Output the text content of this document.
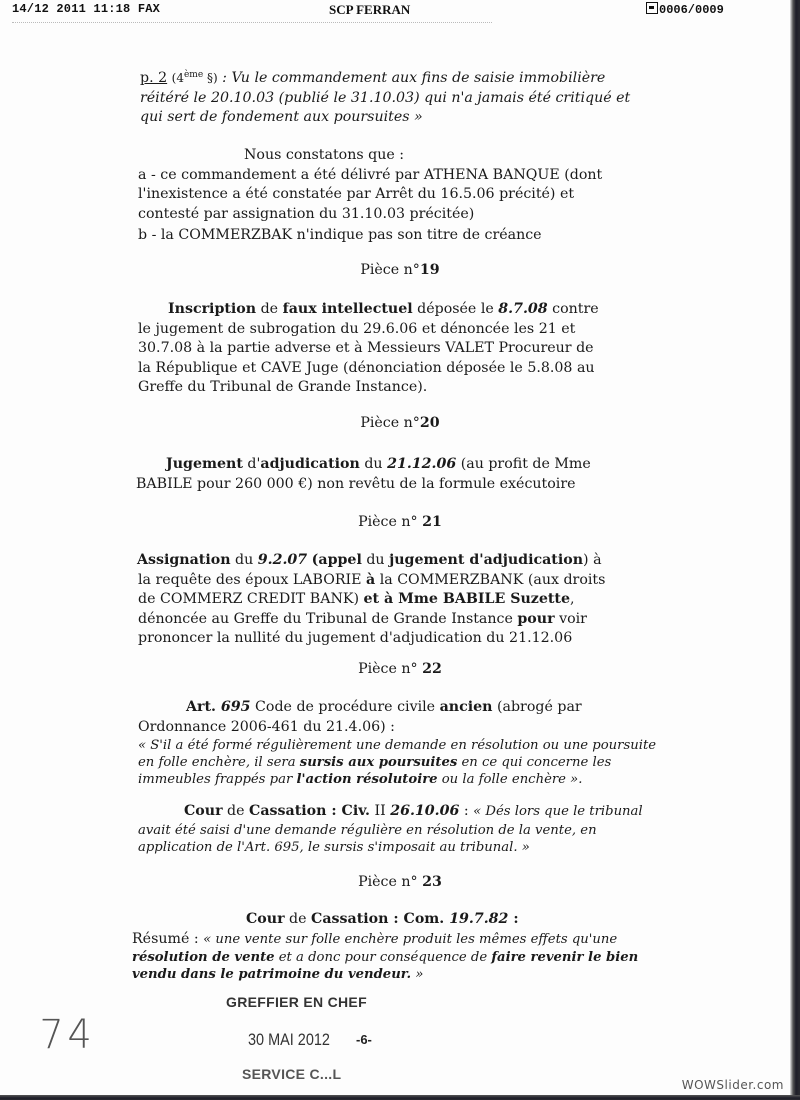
14/12 2011 11:18 FAX	SCP FERRAN	0006/0009
p. 2 (4ème §) : Vu le commandement aux fins de saisie immobilière
réitéré le 20.10.03 (publié le 31.10.03) qui n'a jamais été critiqué et
qui sert de fondement aux poursuites »
Nous constatons que :
a - ce commandement a été délivré par ATHENA BANQUE (dont
l'inexistence a été constatée par Arrêt du 16.5.06 précité) et
contesté par assignation du 31.10.03 précitée)
b - la COMMERZBAK n'indique pas son titre de créance
Pièce n°19
Inscription de faux intellectuel déposée le 8.7.08 contre
le jugement de subrogation du 29.6.06 et dénoncée les 21 et
30.7.08 à la partie adverse et à Messieurs VALET Procureur de
la République et CAVE Juge (dénonciation déposée le 5.8.08 au
Greffe du Tribunal de Grande Instance).
Pièce n°20
Jugement d'adjudication du 21.12.06 (au profit de Mme
BABILE pour 260 000 €) non revêtu de la formule exécutoire
Pièce n° 21
Assignation du 9.2.07 (appel du jugement d'adjudication) à
la requête des époux LABORIE à la COMMERZBANK (aux droits
de COMMERZ CREDIT BANK) et à Mme BABILE Suzette,
dénoncée au Greffe du Tribunal de Grande Instance pour voir
prononcer la nullité du jugement d'adjudication du 21.12.06
Pièce n° 22
Art. 695 Code de procédure civile ancien (abrogé par
Ordonnance 2006-461 du 21.4.06) :
« S'il a été formé régulièrement une demande en résolution ou une poursuite
en folle enchère, il sera sursis aux poursuites en ce qui concerne les
immeubles frappés par l'action résolutoire ou la folle enchère ».
Cour de Cassation : Civ. II 26.10.06 : « Dés lors que le tribunal
avait été saisi d'une demande régulière en résolution de la vente, en
application de l'Art. 695, le sursis s'imposait au tribunal. »
Pièce n° 23
Cour de Cassation : Com. 19.7.82 :
Résumé : « une vente sur folle enchère produit les mêmes effets qu'une
résolution de vente et a donc pour conséquence de faire revenir le bien
vendu dans le patrimoine du vendeur. »
GREFFIER EN CHEF
30 MAI 2012 -6-
SERVICE C...L
74
WOWSlider.com
